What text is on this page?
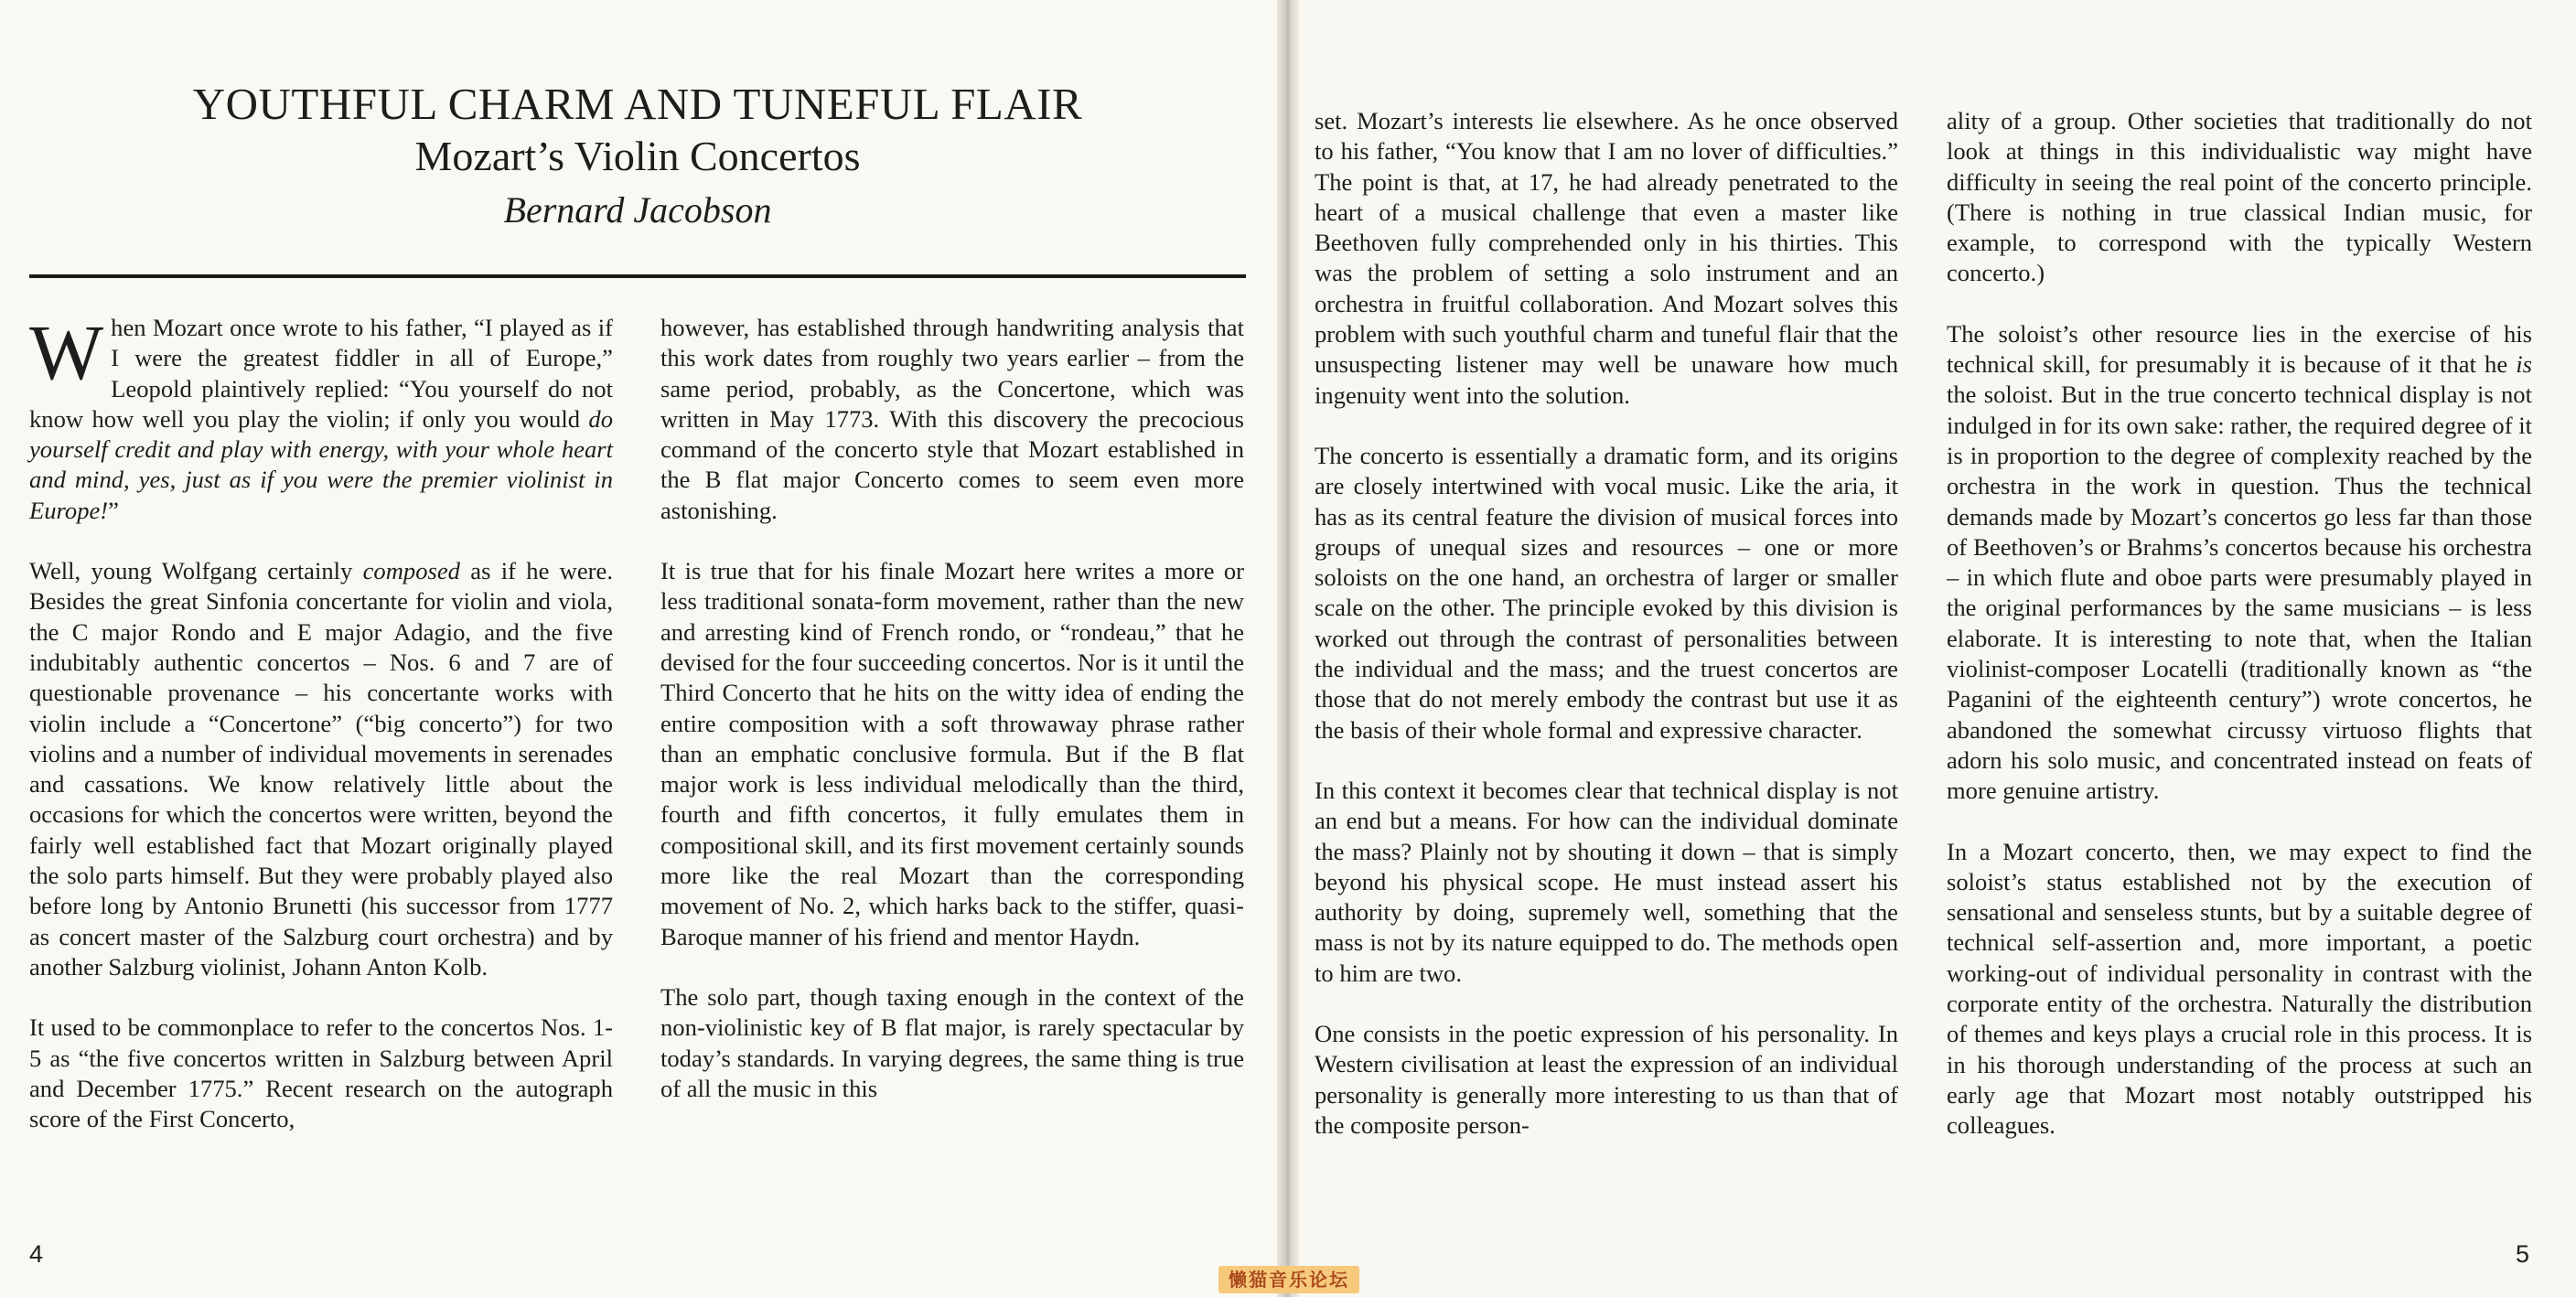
YOUTHFUL CHARM AND TUNEFUL FLAIR
Mozart’s Violin Concertos
Bernard Jacobson

When Mozart once wrote to his father, “I played as if I were the greatest fiddler in all of Europe,” Leopold plaintively replied: “You yourself do not know how well you play the violin; if only you would do yourself credit and play with energy, with your whole heart and mind, yes, just as if you were the premier violinist in Europe!”

Well, young Wolfgang certainly composed as if he were. Besides the great Sinfonia concertante for violin and viola, the C major Rondo and E major Adagio, and the five indubitably authentic concertos – Nos. 6 and 7 are of questionable provenance – his concertante works with violin include a “Concertone” (“big concerto”) for two violins and a number of individual movements in serenades and cassations. We know relatively little about the occasions for which the concertos were written, beyond the fairly well established fact that Mozart originally played the solo parts himself. But they were probably played also before long by Antonio Brunetti (his successor from 1777 as concert master of the Salzburg court orchestra) and by another Salzburg violinist, Johann Anton Kolb.

It used to be commonplace to refer to the concertos Nos. 1-5 as “the five concertos written in Salzburg between April and December 1775.” Recent research on the autograph score of the First Concerto,

however, has established through handwriting analysis that this work dates from roughly two years earlier – from the same period, probably, as the Concertone, which was written in May 1773. With this discovery the precocious command of the concerto style that Mozart established in the B flat major Concerto comes to seem even more astonishing.

It is true that for his finale Mozart here writes a more or less traditional sonata-form movement, rather than the new and arresting kind of French rondo, or “rondeau,” that he devised for the four succeeding concertos. Nor is it until the Third Concerto that he hits on the witty idea of ending the entire composition with a soft throwaway phrase rather than an emphatic conclusive formula. But if the B flat major work is less individual melodically than the third, fourth and fifth concertos, it fully emulates them in compositional skill, and its first movement certainly sounds more like the real Mozart than the corresponding movement of No. 2, which harks back to the stiffer, quasi-Baroque manner of his friend and mentor Haydn.

The solo part, though taxing enough in the context of the non-violinistic key of B flat major, is rarely spectacular by today’s standards. In varying degrees, the same thing is true of all the music in this

set. Mozart’s interests lie elsewhere. As he once observed to his father, “You know that I am no lover of difficulties.” The point is that, at 17, he had already penetrated to the heart of a musical challenge that even a master like Beethoven fully comprehended only in his thirties. This was the problem of setting a solo instrument and an orchestra in fruitful collaboration. And Mozart solves this problem with such youthful charm and tuneful flair that the unsuspecting listener may well be unaware how much ingenuity went into the solution.

The concerto is essentially a dramatic form, and its origins are closely intertwined with vocal music. Like the aria, it has as its central feature the division of musical forces into groups of unequal sizes and resources – one or more soloists on the one hand, an orchestra of larger or smaller scale on the other. The principle evoked by this division is worked out through the contrast of personalities between the individual and the mass; and the truest concertos are those that do not merely embody the contrast but use it as the basis of their whole formal and expressive character.

In this context it becomes clear that technical display is not an end but a means. For how can the individual dominate the mass? Plainly not by shouting it down – that is simply beyond his physical scope. He must instead assert his authority by doing, supremely well, something that the mass is not by its nature equipped to do. The methods open to him are two.

One consists in the poetic expression of his personality. In Western civilisation at least the expression of an individual personality is generally more interesting to us than that of the composite person-

ality of a group. Other societies that traditionally do not look at things in this individualistic way might have difficulty in seeing the real point of the concerto principle. (There is nothing in true classical Indian music, for example, to correspond with the typically Western concerto.)

The soloist’s other resource lies in the exercise of his technical skill, for presumably it is because of it that he is the soloist. But in the true concerto technical display is not indulged in for its own sake: rather, the required degree of it is in proportion to the degree of complexity reached by the orchestra in the work in question. Thus the technical demands made by Mozart’s concertos go less far than those of Beethoven’s or Brahms’s concertos because his orchestra – in which flute and oboe parts were presumably played in the original performances by the same musicians – is less elaborate. It is interesting to note that, when the Italian violinist-composer Locatelli (traditionally known as “the Paganini of the eighteenth century”) wrote concertos, he abandoned the somewhat circussy virtuoso flights that adorn his solo music, and concentrated instead on feats of more genuine artistry.

In a Mozart concerto, then, we may expect to find the soloist’s status established not by the execution of sensational and senseless stunts, but by a suitable degree of technical self-assertion and, more important, a poetic working-out of individual personality in contrast with the corporate entity of the orchestra. Naturally the distribution of themes and keys plays a crucial role in this process. It is in his thorough understanding of the process at such an early age that Mozart most notably outstripped his colleagues.

4	5
懒猫音乐论坛
